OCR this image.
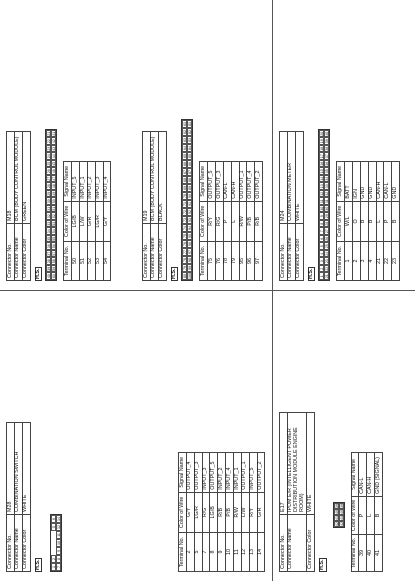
Connector No.	M18
Connector Name	BCM (BODY CONTROL MODULE)
Connector Color	GREEN
H.S. 40
39
38
37
36
35
34
33
32
31
30
29
28
27
26
25
24
23
22
21
60
59
58
57
56
55
54
53
52
51
50
49
48
47
46
45
44
43
42
41
Terminal No.	Color of Wire	Signal Name
50	LG/B	INPUT_5
51	L/W	INPUT_1
52	G/R	INPUT_2
53	LG/R	INPUT_3
54	G/Y	INPUT_4
Connector No.	M19
Connector Name	BCM (BODY CONTROL MODULE)
Connector Color	BLACK
H.S. 80
79
78
77
76
75
74
73
72
71
70
69
68
67
66
65
64
63
62
61
100
99
98
97
96
95
94
93
92
91
90
89
88
87
86
85
84
83
82
81
Terminal No.	Color of Wire	Signal Name
75	R/Y	OUTPUT_5
76	R/G	OUTPUT_3
78	P	CAN-L
79	L	CAN-H
95	R/W	OUTPUT_1
96	P/B	OUTPUT_4
97	R/B	OUTPUT_2
Connector No.	M24
Connector Name	COMBINATION METER
Connector Color	WHITE
H.S. 1
2
3
4
5
6
7
8
9
10
11
12
13
14
15
16
17
18
19
20
21
22
23
24
25
26
27
28
29
30
31
32
33
34
35
36
37
38
39
40
Terminal No.	Color of Wire	Signal Name
1	W/L	BATT
2	O	IGN
3	B	GND
4	B	GND
21	L	CAN-H
22	P	CAN-L
23	B	GND
Connector No.	M28
Connector Name	COMBINATION SWITCH
Connector Color	WHITE
H.S.	1
2
5
6
7
8
9
10
11
12
14
Terminal No.	Color of Wire	Signal Name
2	G/Y	OUTPUT_4
5	LG/R	OUTPUT_3
7	R/G	INPUT_3
8	LG/B	OUTPUT_5
9	R/B	INPUT_2
10	P/B	INPUT_4
11	R/W	INPUT_1
12	L/W	OUTPUT_1
13	R/Y	INPUT_5
14	G/R	OUTPUT_2
Connector No.	E17
Connector Name	IPDM E/R (INTELLIGENT POWER DISTRIBUTION MODULE ENGINE ROOM)
Connector Color	WHITE
H.S.
42
41
40
39
42
41
40
39
Terminal No.	Color of Wire	Signal Name
39	P	CAN-L
40	L	CAN-H
41	B	GND (SIGNAL)
